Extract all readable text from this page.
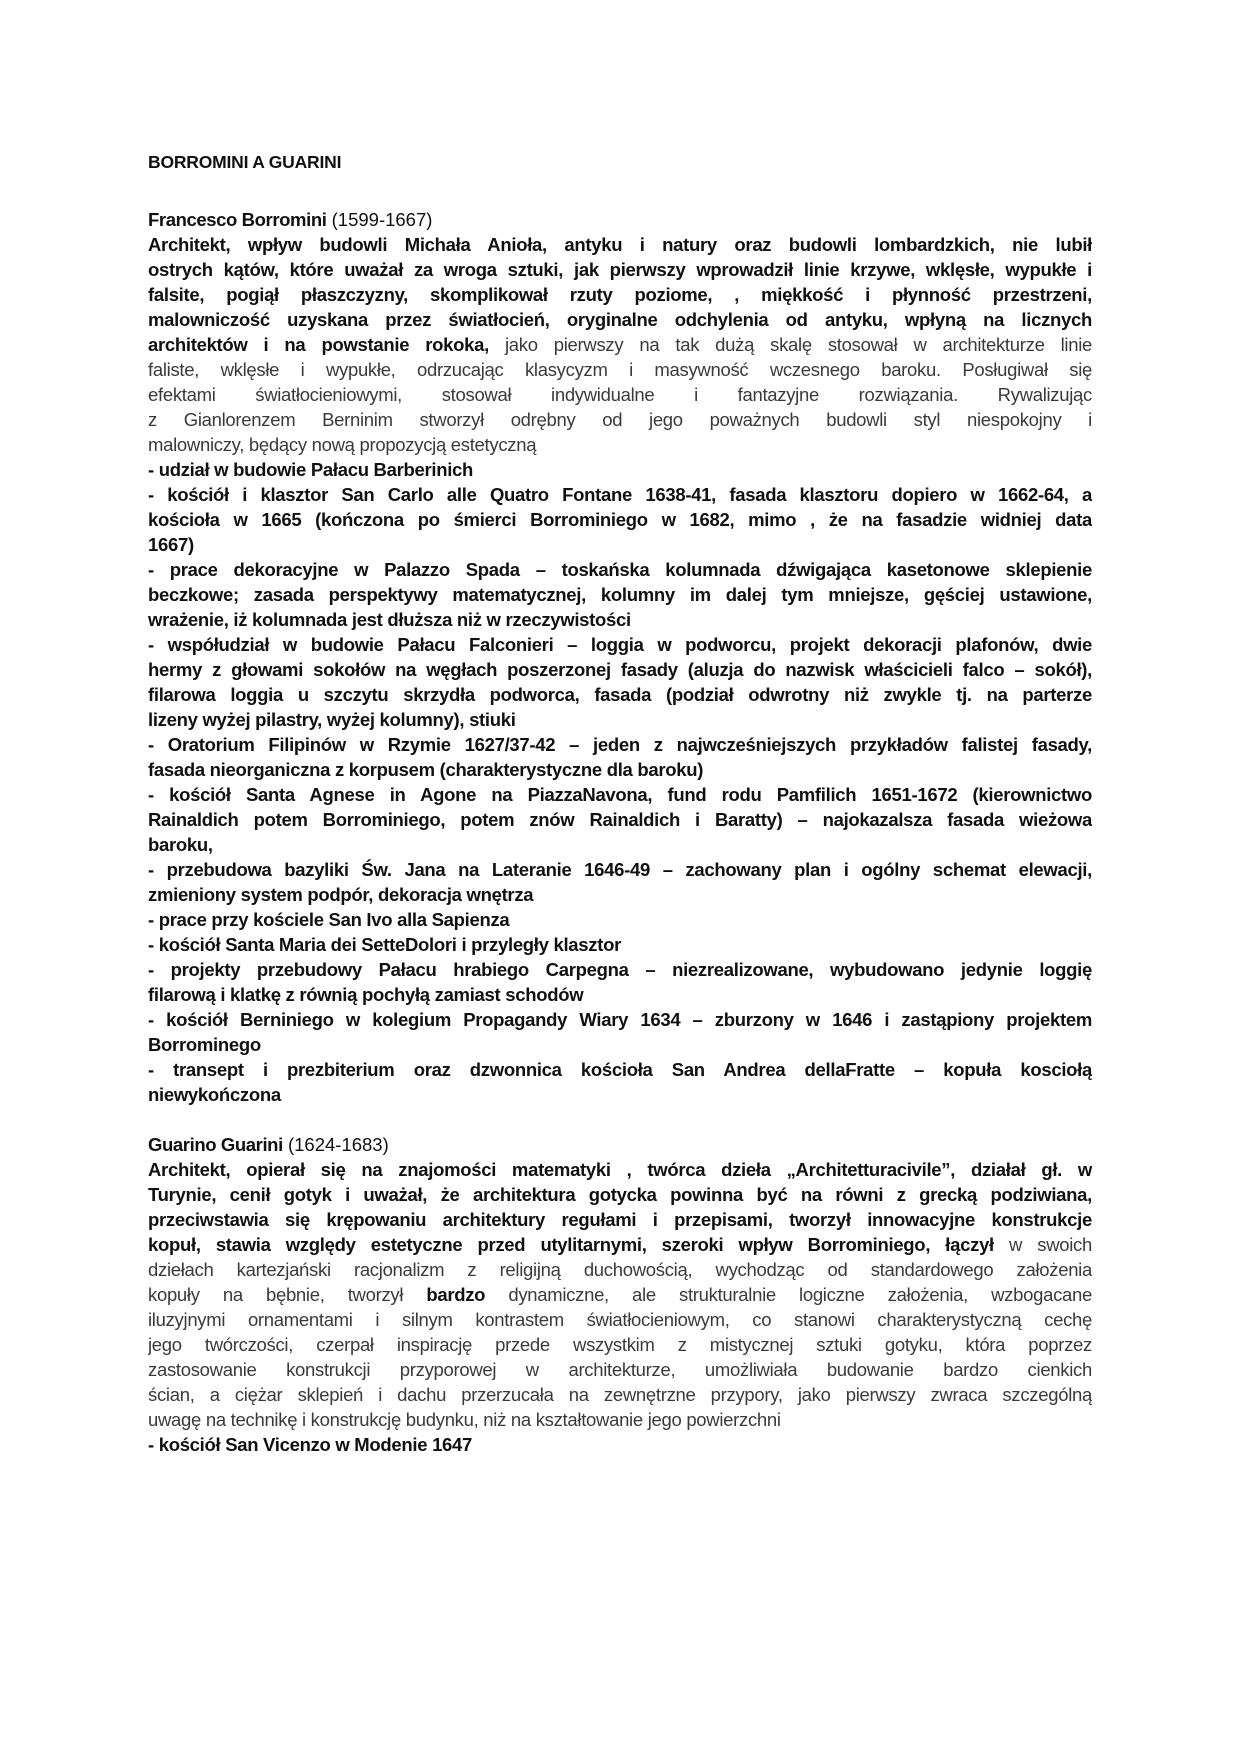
BORROMINI A GUARINI
Francesco Borromini (1599-1667)
Architekt, wpływ budowli Michała Anioła, antyku i natury oraz budowli lombardzkich, nie lubił
ostrych kątów, które uważał za wroga sztuki, jak pierwszy wprowadził linie krzywe, wklęsłe, wypukłe i
falsite, pogiął płaszczyzny, skomplikował rzuty poziome, , miękkość i płynność przestrzeni,
malowniczość uzyskana przez światłocień, oryginalne odchylenia od antyku, wpłyną na licznych
architektów i na powstanie rokoka, jako pierwszy na tak dużą skalę stosował w architekturze linie
faliste, wklęsłe i wypukłe, odrzucając klasycyzm i masywność wczesnego baroku. Posługiwał się
efektami światłocieniowymi, stosował indywidualne i fantazyjne rozwiązania. Rywalizując
z Gianlorenzem Berninim stworzył odrębny od jego poważnych budowli styl niespokojny i
malowniczy, będący nową propozycją estetyczną
- udział w budowie Pałacu Barberinich
- kościół i klasztor San Carlo alle Quatro Fontane 1638-41, fasada klasztoru dopiero w 1662-64, a
kościoła w 1665 (kończona po śmierci Borrominiego w 1682, mimo , że na fasadzie widniej data
1667)
- prace dekoracyjne w Palazzo Spada – toskańska kolumnada dźwigająca kasetonowe sklepienie
beczkowe; zasada perspektywy matematycznej, kolumny im dalej tym mniejsze, gęściej ustawione,
wrażenie, iż kolumnada jest dłuższa niż w rzeczywistości
- współudział w budowie Pałacu Falconieri – loggia w podworcu, projekt dekoracji plafonów, dwie
hermy z głowami sokołów na węgłach poszerzonej fasady (aluzja do nazwisk właścicieli falco – sokół),
filarowa loggia u szczytu skrzydła podworca, fasada (podział odwrotny niż zwykle tj. na parterze
lizeny wyżej pilastry, wyżej kolumny), stiuki
- Oratorium Filipinów w Rzymie 1627/37-42 – jeden z najwcześniejszych przykładów falistej fasady,
fasada nieorganiczna z korpusem (charakterystyczne dla baroku)
- kościół Santa Agnese in Agone na PiazzaNavona, fund rodu Pamfilich 1651-1672 (kierownictwo
Rainaldich potem Borrominiego, potem znów Rainaldich i Baratty) – najokazalsza fasada wieżowa
baroku,
- przebudowa bazyliki Św. Jana na Lateranie 1646-49 – zachowany plan i ogólny schemat elewacji,
zmieniony system podpór, dekoracja wnętrza
- prace przy kościele San Ivo alla Sapienza
- kościół Santa Maria dei SetteDolori i przyległy klasztor
- projekty przebudowy Pałacu hrabiego Carpegna – niezrealizowane, wybudowano jedynie loggię
filarową i klatkę z równią pochyłą zamiast schodów
- kościół Berniniego w kolegium Propagandy Wiary 1634 – zburzony w 1646 i zastąpiony projektem
Borrominego
- transept i prezbiterium oraz dzwonnica kościoła San Andrea dellaFratte – kopuła kosciołą
niewykończona
Guarino Guarini (1624-1683)
Architekt, opierał się na znajomości matematyki , twórca dzieła „Architetturacivile”, działał gł. w
Turynie, cenił gotyk i uważał, że architektura gotycka powinna być na równi z grecką podziwiana,
przeciwstawia się krępowaniu architektury regułami i przepisami, tworzył innowacyjne konstrukcje
kopuł, stawia względy estetyczne przed utylitarnymi, szeroki wpływ Borrominiego, łączył w swoich
dziełach kartezjański racjonalizm z religijną duchowością, wychodząc od standardowego założenia
kopuły na bębnie, tworzył bardzo dynamiczne, ale strukturalnie logiczne założenia, wzbogacane
iluzyjnymi ornamentami i silnym kontrastem światłocieniowym, co stanowi charakterystyczną cechę
jego twórczości, czerpał inspirację przede wszystkim z mistycznej sztuki gotyku, która poprzez
zastosowanie konstrukcji przyporowej w architekturze, umożliwiała budowanie bardzo cienkich
ścian, a ciężar sklepień i dachu przerzucała na zewnętrzne przypory, jako pierwszy zwraca szczególną
uwagę na technikę i konstrukcję budynku, niż na kształtowanie jego powierzchni
- kościół San Vicenzo w Modenie 1647
